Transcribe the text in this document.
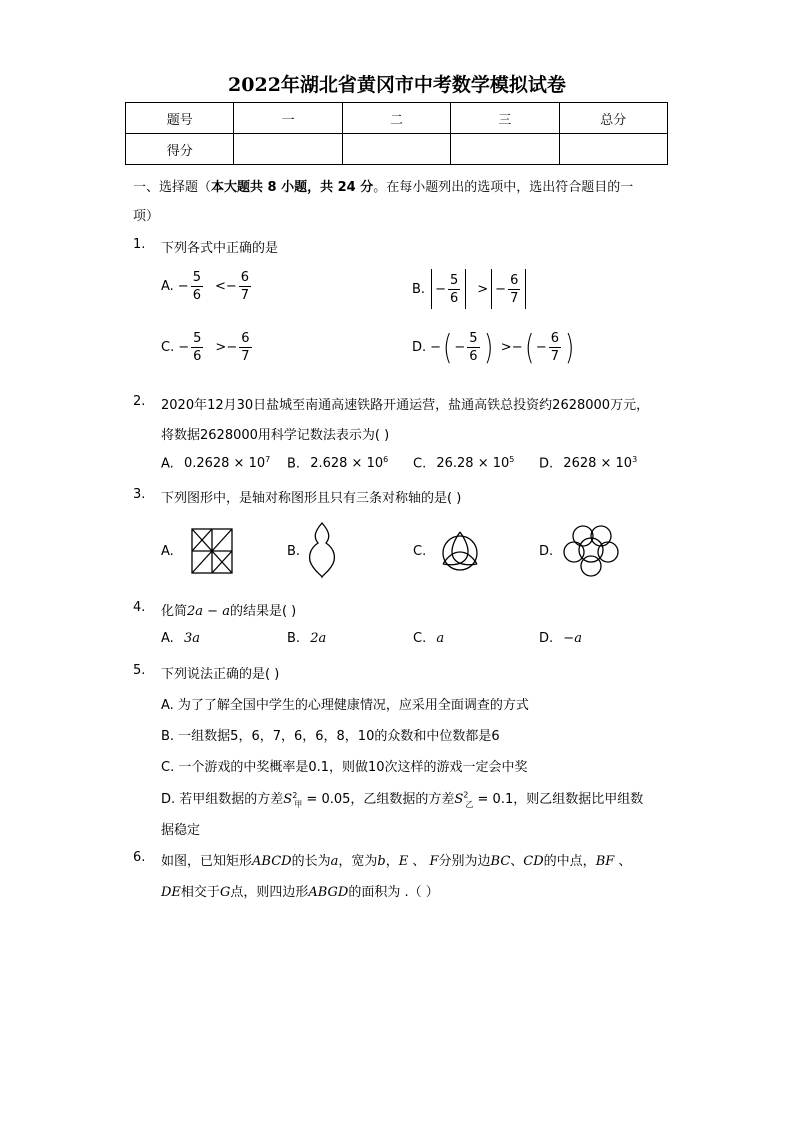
2022年湖北省黄冈市中考数学模拟试卷
题号	一	二	三	总分
得分				
一、选择题（本大题共 8 小题，共 24 分。在每小题列出的选项中，选出符合题目的一
项）
1. 下列各式中正确的是
A. − $\frac{5}{6}$ < − $\frac{6}{7}$	B. − $\frac{5}{6}$ > − $\frac{6}{7}$
C. − $\frac{5}{6}$ > − $\frac{6}{7}$	D. − ( − $\frac{5}{6}$ ) > − ( − $\frac{6}{7}$ )
2. 2020年12月30日盐城至南通高速铁路开通运营，盐通高铁总投资约2628000万元，
将数据2628000用科学记数法表示为( )
A. $0.2628 \times 10^7$ B. $2.628 \times 10^6$ C. $26.28 \times 10^5$ D. $2628 \times 10^3$
3. 下列图形中，是轴对称图形且只有三条对称轴的是( )
A.	B.	C.	D.
4. 化简2a − a的结果是( )
A. 3a	B. 2a	C. a	D. −a
5. 下列说法正确的是( )
A. 为了了解全国中学生的心理健康情况，应采用全面调查的方式
B. 一组数据5，6，7，6，6，8，10的众数和中位数都是6
C. 一个游戏的中奖概率是0.1，则做10次这样的游戏一定会中奖
D. 若甲组数据的方差$S^2_甲 = 0.05$，乙组数据的方差$S^2_乙 = 0.1$，则乙组数据比甲组数
据稳定
6. 如图，已知矩形ABCD的长为a，宽为b，E 、 F分别为边BC、CD的中点，BF 、
DE相交于G点，则四边形ABGD的面积为 .（ ）
